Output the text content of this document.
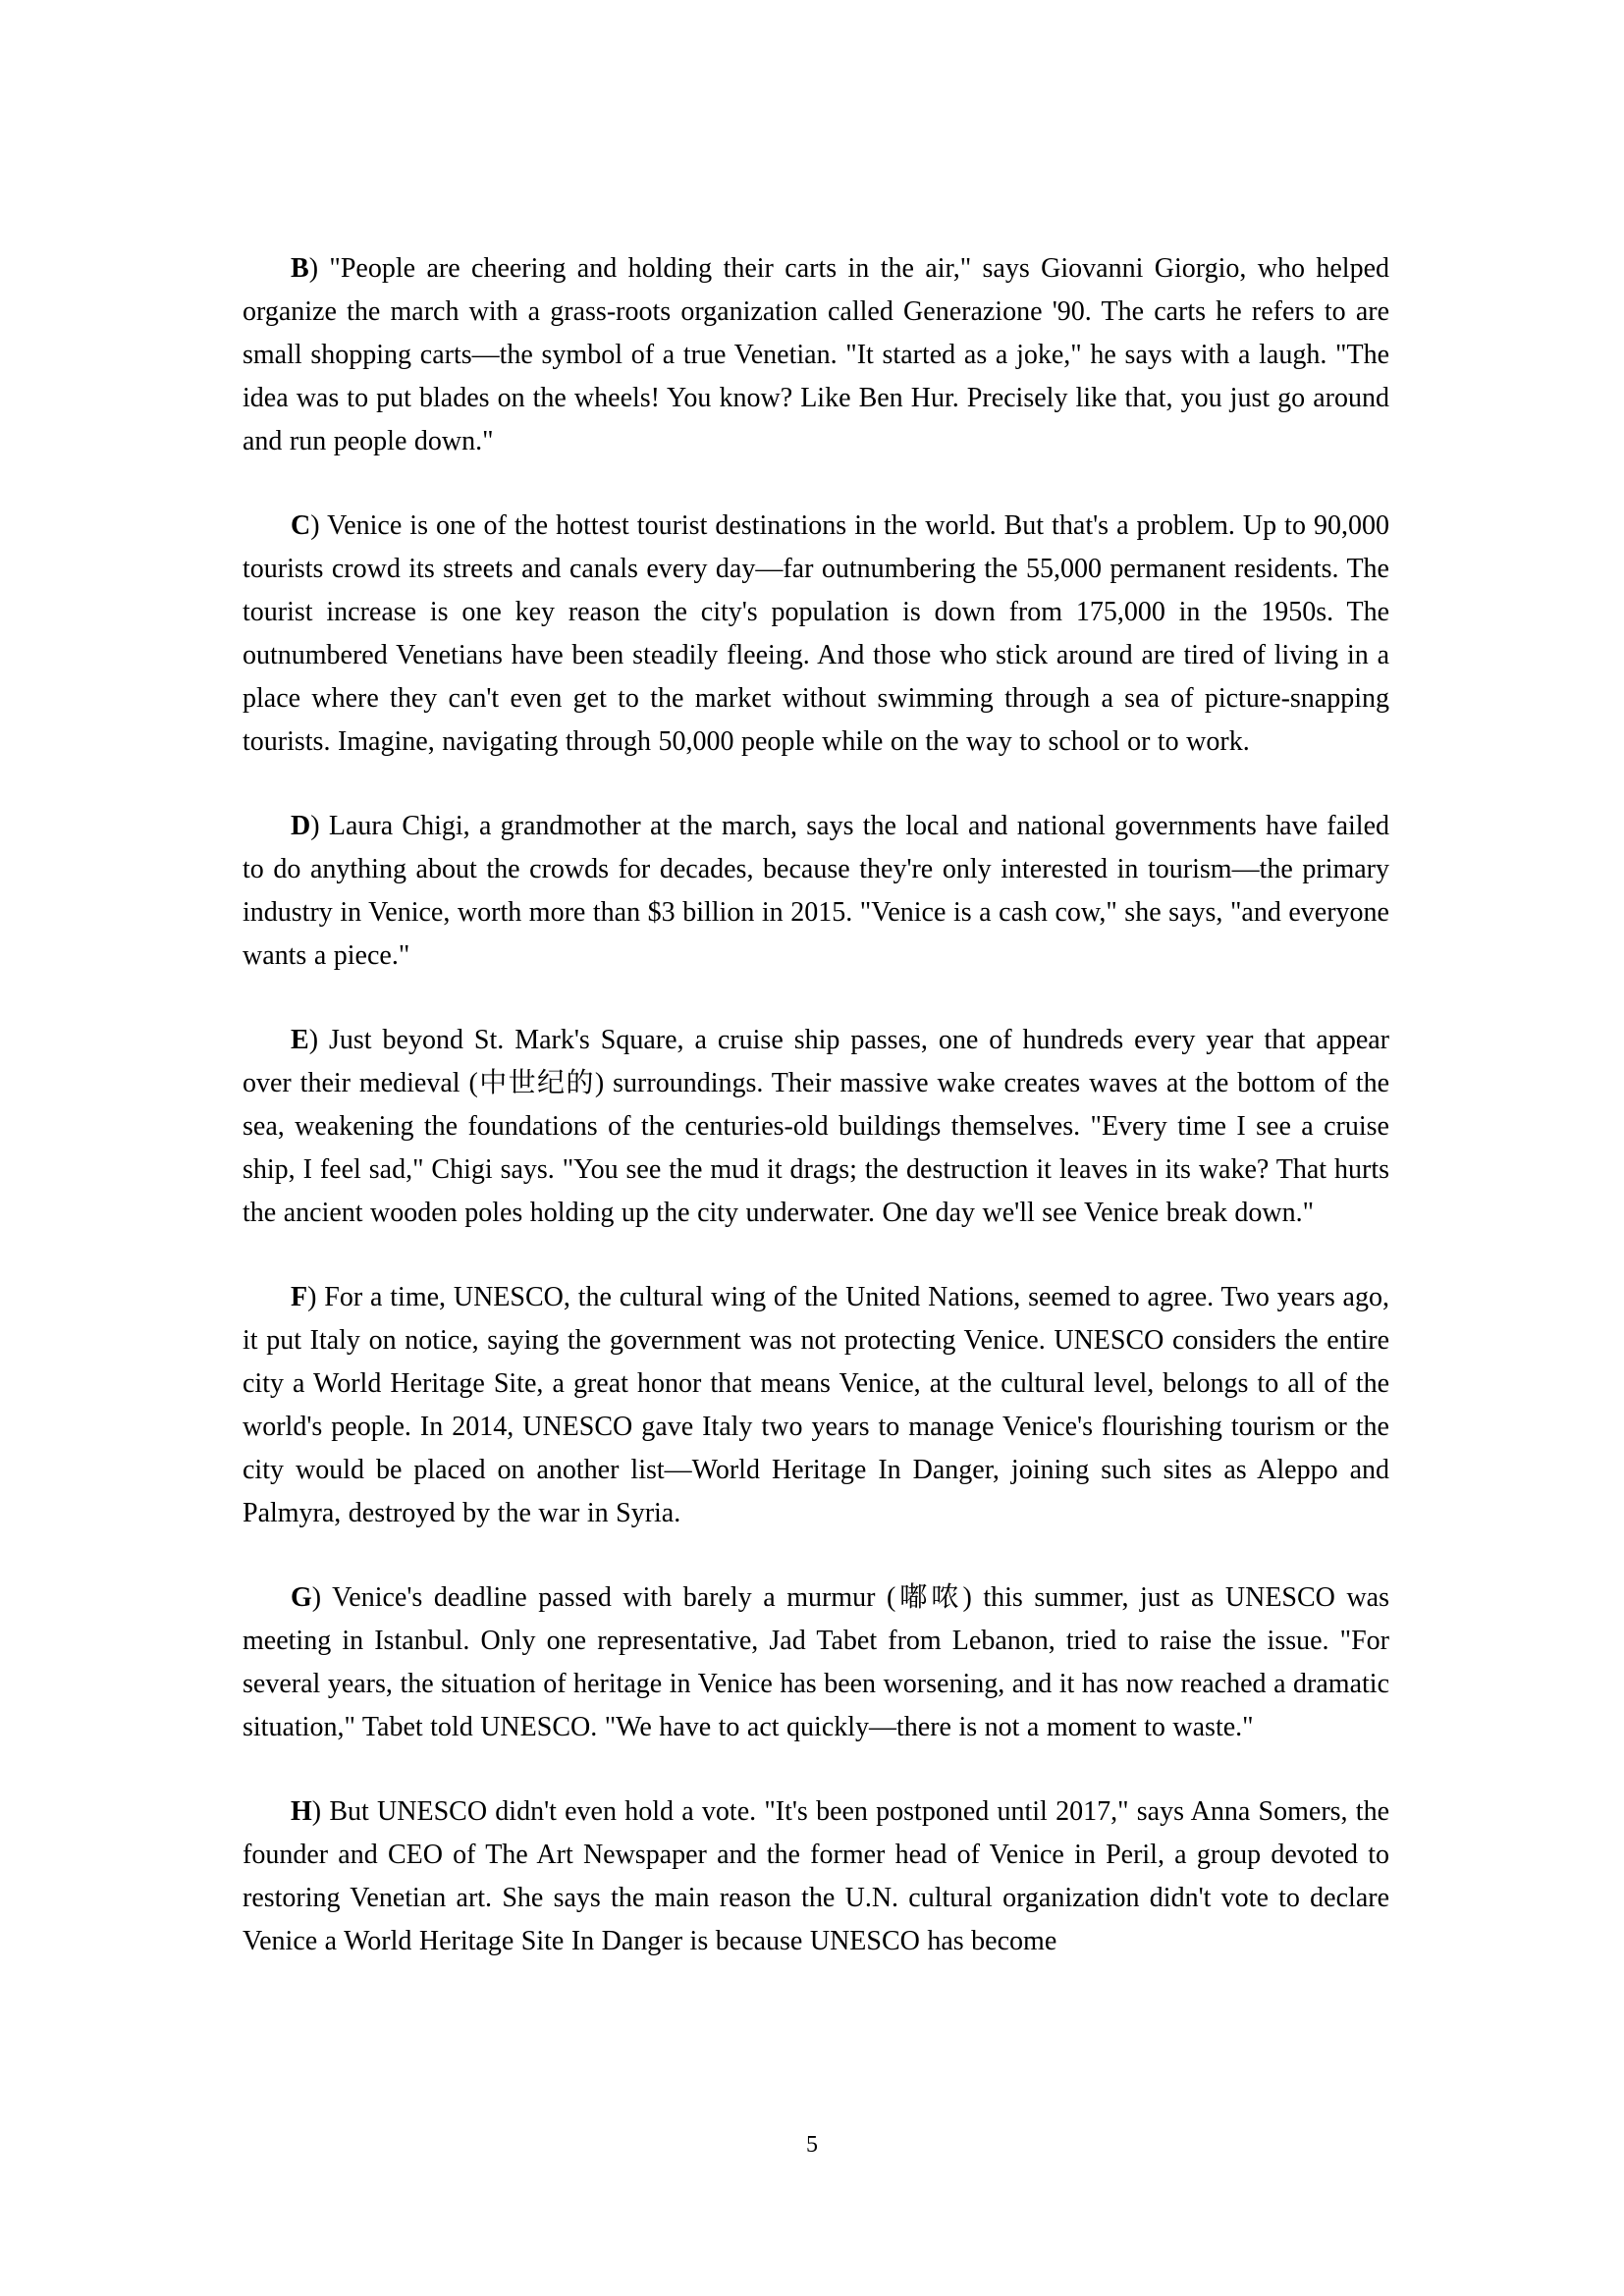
B) "People are cheering and holding their carts in the air," says Giovanni Giorgio, who helped organize the march with a grass-roots organization called Generazione '90. The carts he refers to are small shopping carts—the symbol of a true Venetian. "It started as a joke," he says with a laugh. "The idea was to put blades on the wheels! You know? Like Ben Hur. Precisely like that, you just go around and run people down."

C) Venice is one of the hottest tourist destinations in the world. But that's a problem. Up to 90,000 tourists crowd its streets and canals every day—far outnumbering the 55,000 permanent residents. The tourist increase is one key reason the city's population is down from 175,000 in the 1950s. The outnumbered Venetians have been steadily fleeing. And those who stick around are tired of living in a place where they can't even get to the market without swimming through a sea of picture-snapping tourists. Imagine, navigating through 50,000 people while on the way to school or to work.

D) Laura Chigi, a grandmother at the march, says the local and national governments have failed to do anything about the crowds for decades, because they're only interested in tourism—the primary industry in Venice, worth more than $3 billion in 2015. "Venice is a cash cow," she says, "and everyone wants a piece."

E) Just beyond St. Mark's Square, a cruise ship passes, one of hundreds every year that appear over their medieval (中世纪的) surroundings. Their massive wake creates waves at the bottom of the sea, weakening the foundations of the centuries-old buildings themselves. "Every time I see a cruise ship, I feel sad," Chigi says. "You see the mud it drags; the destruction it leaves in its wake? That hurts the ancient wooden poles holding up the city underwater. One day we'll see Venice break down."

F) For a time, UNESCO, the cultural wing of the United Nations, seemed to agree. Two years ago, it put Italy on notice, saying the government was not protecting Venice. UNESCO considers the entire city a World Heritage Site, a great honor that means Venice, at the cultural level, belongs to all of the world's people. In 2014, UNESCO gave Italy two years to manage Venice's flourishing tourism or the city would be placed on another list—World Heritage In Danger, joining such sites as Aleppo and Palmyra, destroyed by the war in Syria.

G) Venice's deadline passed with barely a murmur (嘟哝) this summer, just as UNESCO was meeting in Istanbul. Only one representative, Jad Tabet from Lebanon, tried to raise the issue. "For several years, the situation of heritage in Venice has been worsening, and it has now reached a dramatic situation," Tabet told UNESCO. "We have to act quickly—there is not a moment to waste."

H) But UNESCO didn't even hold a vote. "It's been postponed until 2017," says Anna Somers, the founder and CEO of The Art Newspaper and the former head of Venice in Peril, a group devoted to restoring Venetian art. She says the main reason the U.N. cultural organization didn't vote to declare Venice a World Heritage Site In Danger is because UNESCO has become

5
